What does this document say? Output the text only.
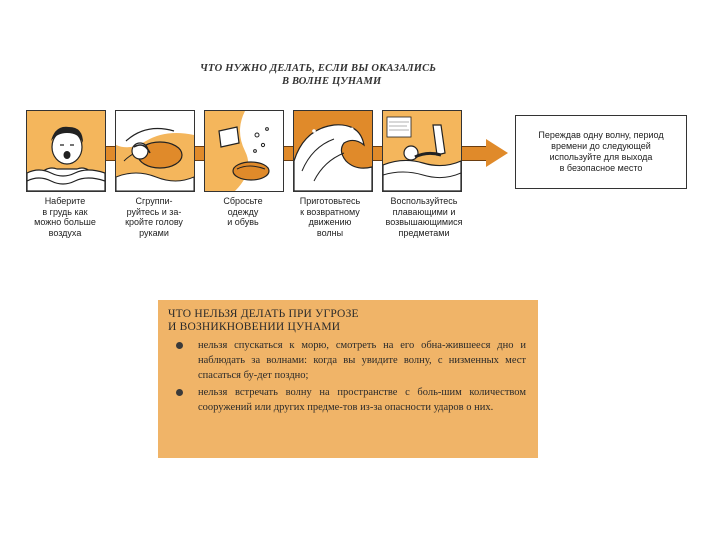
ЧТО НУЖНО ДЕЛАТЬ, ЕСЛИ ВЫ ОКАЗАЛИСЬ
В ВОЛНЕ ЦУНАМИ
Наберите
в грудь как
можно больше
воздуха
Сгруппи-
руйтесь и за-
кройте голову
руками
Сбросьте
одежду
и обувь
Приготовьтесь
к возвратному
движению
волны
Воспользуйтесь
плавающими и
возвышающимися
предметами
Переждав одну волну, период
времени до следующей
используйте для выхода
в безопасное место
ЧТО НЕЛЬЗЯ ДЕЛАТЬ ПРИ УГРОЗЕ
И ВОЗНИКНОВЕНИИ ЦУНАМИ
нельзя спускаться к морю, смотреть на его обна-жившееся дно и наблюдать за волнами: когда вы увидите волну, с низменных мест спасаться бу-дет поздно;
нельзя встречать волну на пространстве с боль-шим количеством сооружений или других предме-тов из-за опасности ударов о них.
